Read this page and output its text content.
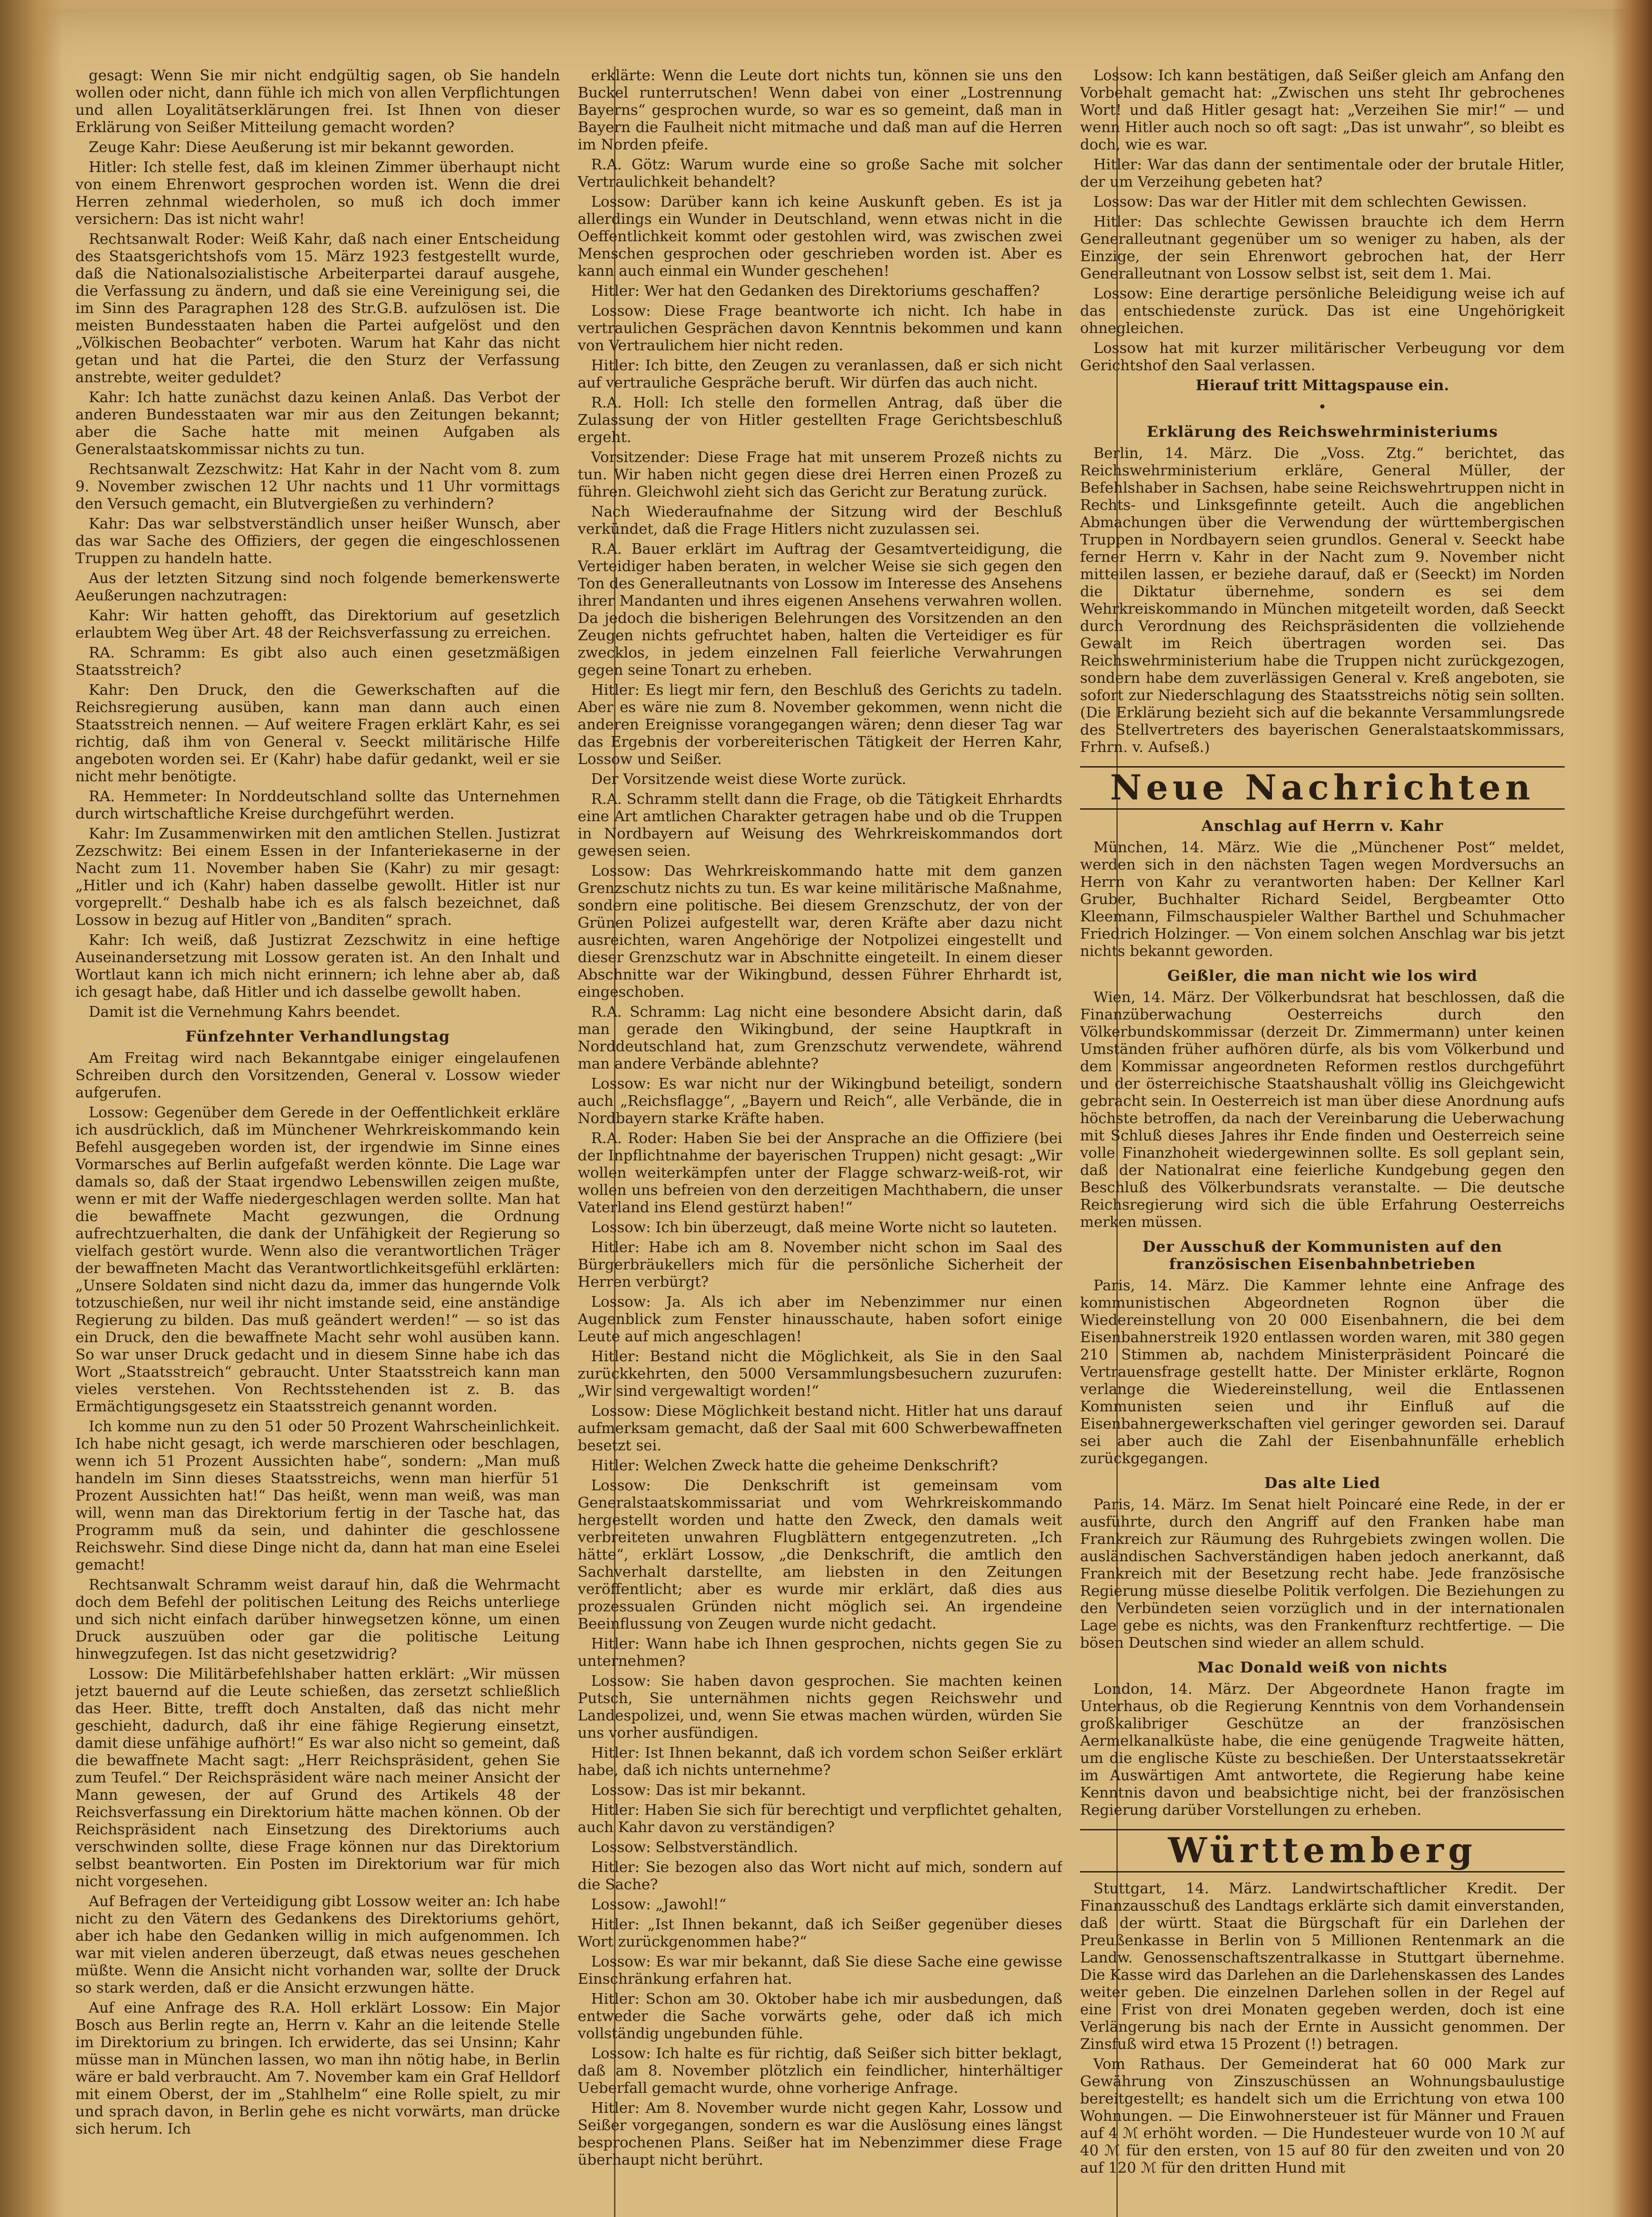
gesagt: Wenn Sie mir nicht endgültig sagen, ob Sie handeln wollen oder nicht, dann fühle ich mich von allen Verpflichtungen und allen Loyalitätserklärungen frei. Ist Ihnen von dieser Erklärung von Seißer Mitteilung gemacht worden?

Zeuge Kahr: Diese Aeußerung ist mir bekannt geworden.

Hitler: Ich stelle fest, daß im kleinen Zimmer überhaupt nicht von einem Ehrenwort gesprochen worden ist. Wenn die drei Herren zehnmal wiederholen, so muß ich doch immer versichern: Das ist nicht wahr!

Rechtsanwalt Roder: Weiß Kahr, daß nach einer Entscheidung des Staatsgerichtshofs vom 15. März 1923 festgestellt wurde, daß die Nationalsozialistische Arbeiterpartei darauf ausgehe, die Verfassung zu ändern, und daß sie eine Vereinigung sei, die im Sinn des Paragraphen 128 des Str.G.B. aufzulösen ist. Die meisten Bundesstaaten haben die Partei aufgelöst und den „Völkischen Beobachter“ verboten. Warum hat Kahr das nicht getan und hat die Partei, die den Sturz der Verfassung anstrebte, weiter geduldet?

Kahr: Ich hatte zunächst dazu keinen Anlaß. Das Verbot der anderen Bundesstaaten war mir aus den Zeitungen bekannt; aber die Sache hatte mit meinen Aufgaben als Generalstaatskommissar nichts zu tun.

Rechtsanwalt Zezschwitz: Hat Kahr in der Nacht vom 8. zum 9. November zwischen 12 Uhr nachts und 11 Uhr vormittags den Versuch gemacht, ein Blutvergießen zu verhindern?

Kahr: Das war selbstverständlich unser heißer Wunsch, aber das war Sache des Offiziers, der gegen die eingeschlossenen Truppen zu handeln hatte.

Aus der letzten Sitzung sind noch folgende bemerkenswerte Aeußerungen nachzutragen:

Kahr: Wir hatten gehofft, das Direktorium auf gesetzlich erlaubtem Weg über Art. 48 der Reichsverfassung zu erreichen.

RA. Schramm: Es gibt also auch einen gesetzmäßigen Staatsstreich?

Kahr: Den Druck, den die Gewerkschaften auf die Reichsregierung ausüben, kann man dann auch einen Staatsstreich nennen. — Auf weitere Fragen erklärt Kahr, es sei richtig, daß ihm von General v. Seeckt militärische Hilfe angeboten worden sei. Er (Kahr) habe dafür gedankt, weil er sie nicht mehr benötigte.

RA. Hemmeter: In Norddeutschland sollte das Unternehmen durch wirtschaftliche Kreise durchgeführt werden.

Kahr: Im Zusammenwirken mit den amtlichen Stellen. Justizrat Zezschwitz: Bei einem Essen in der Infanteriekaserne in der Nacht zum 11. November haben Sie (Kahr) zu mir gesagt: „Hitler und ich (Kahr) haben dasselbe gewollt. Hitler ist nur vorgeprellt.“ Deshalb habe ich es als falsch bezeichnet, daß Lossow in bezug auf Hitler von „Banditen“ sprach.

Kahr: Ich weiß, daß Justizrat Zezschwitz in eine heftige Auseinandersetzung mit Lossow geraten ist. An den Inhalt und Wortlaut kann ich mich nicht erinnern; ich lehne aber ab, daß ich gesagt habe, daß Hitler und ich dasselbe gewollt haben.

Damit ist die Vernehmung Kahrs beendet.

Fünfzehnter Verhandlungstag

Am Freitag wird nach Bekanntgabe einiger eingelaufenen Schreiben durch den Vorsitzenden, General v. Lossow wieder aufgerufen.

Lossow: Gegenüber dem Gerede in der Oeffentlichkeit erkläre ich ausdrücklich, daß im Münchener Wehrkreiskommando kein Befehl ausgegeben worden ist, der irgendwie im Sinne eines Vormarsches auf Berlin aufgefaßt werden könnte. Die Lage war damals so, daß der Staat irgendwo Lebenswillen zeigen mußte, wenn er mit der Waffe niedergeschlagen werden sollte. Man hat die bewaffnete Macht gezwungen, die Ordnung aufrechtzuerhalten, die dank der Unfähigkeit der Regierung so vielfach gestört wurde. Wenn also die verantwortlichen Träger der bewaffneten Macht das Verantwortlichkeitsgefühl erklärten: „Unsere Soldaten sind nicht dazu da, immer das hungernde Volk totzuschießen, nur weil ihr nicht imstande seid, eine anständige Regierung zu bilden. Das muß geändert werden!“ — so ist das ein Druck, den die bewaffnete Macht sehr wohl ausüben kann. So war unser Druck gedacht und in diesem Sinne habe ich das Wort „Staatsstreich“ gebraucht. Unter Staatsstreich kann man vieles verstehen. Von Rechtsstehenden ist z. B. das Ermächtigungsgesetz ein Staatsstreich genannt worden.

Ich komme nun zu den 51 oder 50 Prozent Wahrscheinlichkeit. Ich habe nicht gesagt, ich werde marschieren oder beschlagen, wenn ich 51 Prozent Aussichten habe“, sondern: „Man muß handeln im Sinn dieses Staatsstreichs, wenn man hierfür 51 Prozent Aussichten hat!“ Das heißt, wenn man weiß, was man will, wenn man das Direktorium fertig in der Tasche hat, das Programm muß da sein, und dahinter die geschlossene Reichswehr. Sind diese Dinge nicht da, dann hat man eine Eselei gemacht!

Rechtsanwalt Schramm weist darauf hin, daß die Wehrmacht doch dem Befehl der politischen Leitung des Reichs unterliege und sich nicht einfach darüber hinwegsetzen könne, um einen Druck auszuüben oder gar die politische Leitung hinwegzufegen. Ist das nicht gesetzwidrig?

Lossow: Die Militärbefehlshaber hatten erklärt: „Wir müssen jetzt bauernd auf die Leute schießen, das zersetzt schließlich das Heer. Bitte, trefft doch Anstalten, daß das nicht mehr geschieht, dadurch, daß ihr eine fähige Regierung einsetzt, damit diese unfähige aufhört!“ Es war also nicht so gemeint, daß die bewaffnete Macht sagt: „Herr Reichspräsident, gehen Sie zum Teufel.“ Der Reichspräsident wäre nach meiner Ansicht der Mann gewesen, der auf Grund des Artikels 48 der Reichsverfassung ein Direktorium hätte machen können. Ob der Reichspräsident nach Einsetzung des Direktoriums auch verschwinden sollte, diese Frage können nur das Direktorium selbst beantworten. Ein Posten im Direktorium war für mich nicht vorgesehen.

Auf Befragen der Verteidigung gibt Lossow weiter an: Ich habe nicht zu den Vätern des Gedankens des Direktoriums gehört, aber ich habe den Gedanken willig in mich aufgenommen. Ich war mit vielen anderen überzeugt, daß etwas neues geschehen müßte. Wenn die Ansicht nicht vorhanden war, sollte der Druck so stark werden, daß er die Ansicht erzwungen hätte.

Auf eine Anfrage des R.A. Holl erklärt Lossow: Ein Major Bosch aus Berlin regte an, Herrn v. Kahr an die leitende Stelle im Direktorium zu bringen. Ich erwiderte, das sei Unsinn; Kahr müsse man in München lassen, wo man ihn nötig habe, in Berlin wäre er bald verbraucht. Am 7. November kam ein Graf Helldorf mit einem Oberst, der im „Stahlhelm“ eine Rolle spielt, zu mir und sprach davon, in Berlin gehe es nicht vorwärts, man drücke sich herum. Ich

erklärte: Wenn die Leute dort nichts tun, können sie uns den Buckel runterrutschen! Wenn dabei von einer „Lostrennung Bayerns“ gesprochen wurde, so war es so gemeint, daß man in Bayern die Faulheit nicht mitmache und daß man auf die Herren im Norden pfeife.

R.A. Götz: Warum wurde eine so große Sache mit solcher Vertraulichkeit behandelt?

Lossow: Darüber kann ich keine Auskunft geben. Es ist ja allerdings ein Wunder in Deutschland, wenn etwas nicht in die Oeffentlichkeit kommt oder gestohlen wird, was zwischen zwei Menschen gesprochen oder geschrieben worden ist. Aber es kann auch einmal ein Wunder geschehen!

Hitler: Wer hat den Gedanken des Direktoriums geschaffen?

Lossow: Diese Frage beantworte ich nicht. Ich habe in vertraulichen Gesprächen davon Kenntnis bekommen und kann von Vertraulichem hier nicht reden.

Hitler: Ich bitte, den Zeugen zu veranlassen, daß er sich nicht auf vertrauliche Gespräche beruft. Wir dürfen das auch nicht.

R.A. Holl: Ich stelle den formellen Antrag, daß über die Zulassung der von Hitler gestellten Frage Gerichtsbeschluß ergeht.

Vorsitzender: Diese Frage hat mit unserem Prozeß nichts zu tun. Wir haben nicht gegen diese drei Herren einen Prozeß zu führen. Gleichwohl zieht sich das Gericht zur Beratung zurück.

Nach Wiederaufnahme der Sitzung wird der Beschluß verkündet, daß die Frage Hitlers nicht zuzulassen sei.

R.A. Bauer erklärt im Auftrag der Gesamtverteidigung, die Verteidiger haben beraten, in welcher Weise sie sich gegen den Ton des Generalleutnants von Lossow im Interesse des Ansehens ihrer Mandanten und ihres eigenen Ansehens verwahren wollen. Da jedoch die bisherigen Belehrungen des Vorsitzenden an den Zeugen nichts gefruchtet haben, halten die Verteidiger es für zwecklos, in jedem einzelnen Fall feierliche Verwahrungen gegen seine Tonart zu erheben.

Hitler: Es liegt mir fern, den Beschluß des Gerichts zu tadeln. Aber es wäre nie zum 8. November gekommen, wenn nicht die anderen Ereignisse vorangegangen wären; denn dieser Tag war das Ergebnis der vorbereiterischen Tätigkeit der Herren Kahr, Lossow und Seißer.

Der Vorsitzende weist diese Worte zurück.

R.A. Schramm stellt dann die Frage, ob die Tätigkeit Ehrhardts eine Art amtlichen Charakter getragen habe und ob die Truppen in Nordbayern auf Weisung des Wehrkreiskommandos dort gewesen seien.

Lossow: Das Wehrkreiskommando hatte mit dem ganzen Grenzschutz nichts zu tun. Es war keine militärische Maßnahme, sondern eine politische. Bei diesem Grenzschutz, der von der Grünen Polizei aufgestellt war, deren Kräfte aber dazu nicht ausreichten, waren Angehörige der Notpolizei eingestellt und dieser Grenzschutz war in Abschnitte eingeteilt. In einem dieser Abschnitte war der Wikingbund, dessen Führer Ehrhardt ist, eingeschoben.

R.A. Schramm: Lag nicht eine besondere Absicht darin, daß man gerade den Wikingbund, der seine Hauptkraft in Norddeutschland hat, zum Grenzschutz verwendete, während man andere Verbände ablehnte?

Lossow: Es war nicht nur der Wikingbund beteiligt, sondern auch „Reichsflagge“, „Bayern und Reich“, alle Verbände, die in Nordbayern starke Kräfte haben.

R.A. Roder: Haben Sie bei der Ansprache an die Offiziere (bei der Inpflichtnahme der bayerischen Truppen) nicht gesagt: „Wir wollen weiterkämpfen unter der Flagge schwarz-weiß-rot, wir wollen uns befreien von den derzeitigen Machthabern, die unser Vaterland ins Elend gestürzt haben!“

Lossow: Ich bin überzeugt, daß meine Worte nicht so lauteten.

Hitler: Habe ich am 8. November nicht schon im Saal des Bürgerbräukellers mich für die persönliche Sicherheit der Herren verbürgt?

Lossow: Ja. Als ich aber im Nebenzimmer nur einen Augenblick zum Fenster hinausschaute, haben sofort einige Leute auf mich angeschlagen!

Hitler: Bestand nicht die Möglichkeit, als Sie in den Saal zurückkehrten, den 5000 Versammlungsbesuchern zuzurufen: „Wir sind vergewaltigt worden!“

Lossow: Diese Möglichkeit bestand nicht. Hitler hat uns darauf aufmerksam gemacht, daß der Saal mit 600 Schwerbewaffneten besetzt sei.

Hitler: Welchen Zweck hatte die geheime Denkschrift?

Lossow: Die Denkschrift ist gemeinsam vom Generalstaatskommissariat und vom Wehrkreiskommando hergestellt worden und hatte den Zweck, den damals weit verbreiteten unwahren Flugblättern entgegenzutreten. „Ich hätte“, erklärt Lossow, „die Denkschrift, die amtlich den Sachverhalt darstellte, am liebsten in den Zeitungen veröffentlicht; aber es wurde mir erklärt, daß dies aus prozessualen Gründen nicht möglich sei. An irgendeine Beeinflussung von Zeugen wurde nicht gedacht.

Hitler: Wann habe ich Ihnen gesprochen, nichts gegen Sie zu unternehmen?

Lossow: Sie haben davon gesprochen. Sie machten keinen Putsch, Sie unternähmen nichts gegen Reichswehr und Landespolizei, und, wenn Sie etwas machen würden, würden Sie uns vorher ausfündigen.

Hitler: Ist Ihnen bekannt, daß ich vordem schon Seißer erklärt habe, daß ich nichts unternehme?

Lossow: Das ist mir bekannt.

Hitler: Haben Sie sich für berechtigt und verpflichtet gehalten, auch Kahr davon zu verständigen?

Lossow: Selbstverständlich.

Hitler: Sie bezogen also das Wort nicht auf mich, sondern auf die Sache?

Lossow: „Jawohl!“

Hitler: „Ist Ihnen bekannt, daß ich Seißer gegenüber dieses Wort zurückgenommen habe?“

Lossow: Es war mir bekannt, daß Sie diese Sache eine gewisse Einschränkung erfahren hat.

Hitler: Schon am 30. Oktober habe ich mir ausbedungen, daß entweder die Sache vorwärts gehe, oder daß ich mich vollständig ungebunden fühle.

Lossow: Ich halte es für richtig, daß Seißer sich bitter beklagt, daß am 8. November plötzlich ein feindlicher, hinterhältiger Ueberfall gemacht wurde, ohne vorherige Anfrage.

Hitler: Am 8. November wurde nicht gegen Kahr, Lossow und Seißer vorgegangen, sondern es war die Auslösung eines längst besprochenen Plans. Seißer hat im Nebenzimmer diese Frage überhaupt nicht berührt.

Lossow: Ich kann bestätigen, daß Seißer gleich am Anfang den Vorbehalt gemacht hat: „Zwischen uns steht Ihr gebrochenes Wort! und daß Hitler gesagt hat: „Verzeihen Sie mir!“ — und wenn Hitler auch noch so oft sagt: „Das ist unwahr“, so bleibt es doch, wie es war.

Hitler: War das dann der sentimentale oder der brutale Hitler, der um Verzeihung gebeten hat?

Lossow: Das war der Hitler mit dem schlechten Gewissen.

Hitler: Das schlechte Gewissen brauchte ich dem Herrn Generalleutnant gegenüber um so weniger zu haben, als der Einzige, der sein Ehrenwort gebrochen hat, der Herr Generalleutnant von Lossow selbst ist, seit dem 1. Mai.

Lossow: Eine derartige persönliche Beleidigung weise ich auf das entschiedenste zurück. Das ist eine Ungehörigkeit ohnegleichen.

Lossow hat mit kurzer militärischer Verbeugung vor dem Gerichtshof den Saal verlassen.

Hierauf tritt Mittagspause ein.

•
Erklärung des Reichswehrministeriums

Berlin, 14. März. Die „Voss. Ztg.“ berichtet, das Reichswehrministerium erkläre, General Müller, der Befehlshaber in Sachsen, habe seine Reichswehrtruppen nicht in Rechts- und Linksgefinnte geteilt. Auch die angeblichen Abmachungen über die Verwendung der württembergischen Truppen in Nordbayern seien grundlos. General v. Seeckt habe ferner Herrn v. Kahr in der Nacht zum 9. November nicht mitteilen lassen, er beziehe darauf, daß er (Seeckt) im Norden die Diktatur übernehme, sondern es sei dem Wehrkreiskommando in München mitgeteilt worden, daß Seeckt durch Verordnung des Reichspräsidenten die vollziehende Gewalt im Reich übertragen worden sei. Das Reichswehrministerium habe die Truppen nicht zurückgezogen, sondern habe dem zuverlässigen General v. Kreß angeboten, sie sofort zur Niederschlagung des Staatsstreichs nötig sein sollten. (Die Erklärung bezieht sich auf die bekannte Versammlungsrede des Stellvertreters des bayerischen Generalstaatskommissars, Frhrn. v. Aufseß.)

Neue Nachrichten
Anschlag auf Herrn v. Kahr

München, 14. März. Wie die „Münchener Post“ meldet, werden sich in den nächsten Tagen wegen Mordversuchs an Herrn von Kahr zu verantworten haben: Der Kellner Karl Gruber, Buchhalter Richard Seidel, Bergbeamter Otto Kleemann, Filmschauspieler Walther Barthel und Schuhmacher Friedrich Holzinger. — Von einem solchen Anschlag war bis jetzt nichts bekannt geworden.

Geißler, die man nicht wie los wird

Wien, 14. März. Der Völkerbundsrat hat beschlossen, daß die Finanzüberwachung Oesterreichs durch den Völkerbundskommissar (derzeit Dr. Zimmermann) unter keinen Umständen früher aufhören dürfe, als bis vom Völkerbund und dem Kommissar angeordneten Reformen restlos durchgeführt und der österreichische Staatshaushalt völlig ins Gleichgewicht gebracht sein. In Oesterreich ist man über diese Anordnung aufs höchste betroffen, da nach der Vereinbarung die Ueberwachung mit Schluß dieses Jahres ihr Ende finden und Oesterreich seine volle Finanzhoheit wiedergewinnen sollte. Es soll geplant sein, daß der Nationalrat eine feierliche Kundgebung gegen den Beschluß des Völkerbundsrats veranstalte. — Die deutsche Reichsregierung wird sich die üble Erfahrung Oesterreichs merken müssen.

Der Ausschuß der Kommunisten auf den französischen Eisenbahnbetrieben

Paris, 14. März. Die Kammer lehnte eine Anfrage des kommunistischen Abgeordneten Rognon über die Wiedereinstellung von 20 000 Eisenbahnern, die bei dem Eisenbahnerstreik 1920 entlassen worden waren, mit 380 gegen 210 Stimmen ab, nachdem Ministerpräsident Poincaré die Vertrauensfrage gestellt hatte. Der Minister erklärte, Rognon verlange die Wiedereinstellung, weil die Entlassenen Kommunisten seien und ihr Einfluß auf die Eisenbahnergewerkschaften viel geringer geworden sei. Darauf sei aber auch die Zahl der Eisenbahnunfälle erheblich zurückgegangen.

Das alte Lied

Paris, 14. März. Im Senat hielt Poincaré eine Rede, in der er ausführte, durch den Angriff auf den Franken habe man Frankreich zur Räumung des Ruhrgebiets zwingen wollen. Die ausländischen Sachverständigen haben jedoch anerkannt, daß Frankreich mit der Besetzung recht habe. Jede französische Regierung müsse dieselbe Politik verfolgen. Die Beziehungen zu den Verbündeten seien vorzüglich und in der internationalen Lage gebe es nichts, was den Frankenfturz rechtfertige. — Die bösen Deutschen sind wieder an allem schuld.

Mac Donald weiß von nichts

London, 14. März. Der Abgeordnete Hanon fragte im Unterhaus, ob die Regierung Kenntnis von dem Vorhandensein großkalibriger Geschütze an der französischen Aermelkanalküste habe, die eine genügende Tragweite hätten, um die englische Küste zu beschießen. Der Unterstaatssekretär im Auswärtigen Amt antwortete, die Regierung habe keine Kenntnis davon und beabsichtige nicht, bei der französischen Regierung darüber Vorstellungen zu erheben.

Württemberg

Stuttgart, 14. März. Landwirtschaftlicher Kredit. Der Finanzausschuß des Landtags erklärte sich damit einverstanden, daß der württ. Staat die Bürgschaft für ein Darlehen der Preußenkasse in Berlin von 5 Millionen Rentenmark an die Landw. Genossenschaftszentralkasse in Stuttgart übernehme. Die Kasse wird das Darlehen an die Darlehenskassen des Landes weiter geben. Die einzelnen Darlehen sollen in der Regel auf eine Frist von drei Monaten gegeben werden, doch ist eine Verlängerung bis nach der Ernte in Aussicht genommen. Der Zinsfuß wird etwa 15 Prozent (!) betragen.

Vom Rathaus. Der Gemeinderat hat 60 000 Mark zur Gewährung von Zinszuschüssen an Wohnungsbaulustige bereitgestellt; es handelt sich um die Errichtung von etwa 100 Wohnungen. — Die Einwohnersteuer ist für Männer und Frauen auf 4 ℳ erhöht worden. — Die Hundesteuer wurde von 10 ℳ auf 40 ℳ für den ersten, von 15 auf 80 für den zweiten und von 20 auf 120 ℳ für den dritten Hund mit
